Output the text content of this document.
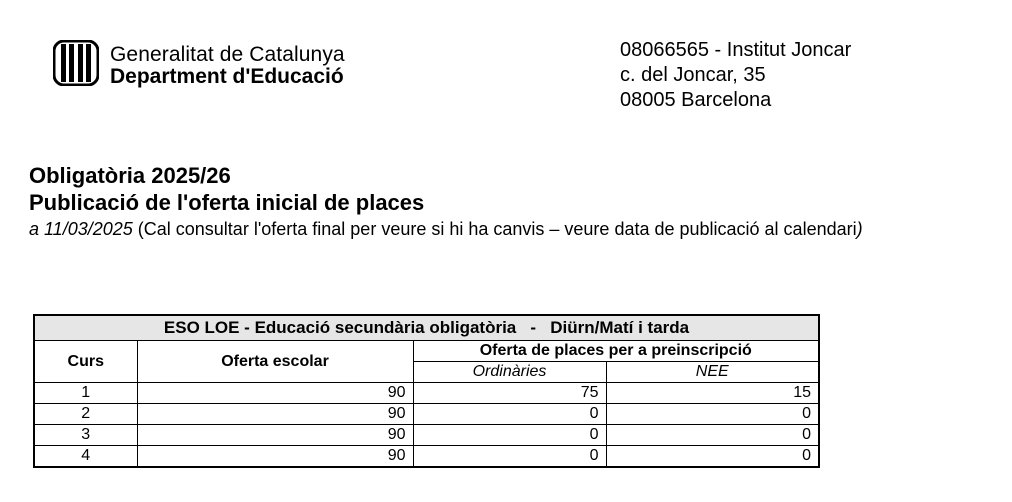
Generalitat de Catalunya
Department d'Educació
08066565 - Institut Joncar
c. del Joncar, 35
08005 Barcelona
Obligatòria 2025/26
Publicació de l'oferta inicial de places
a 11/03/2025 (Cal consultar l'oferta final per veure si hi ha canvis – veure data de publicació al calendari)
ESO LOE - Educació secundària obligatòria   -   Diürn/Matí i tarda			
Curs	Oferta escolar	Oferta de places per a preinscripció	
		Ordinàries	NEE
1	90	75	15
2	90	0	0
3	90	0	0
4	90	0	0
